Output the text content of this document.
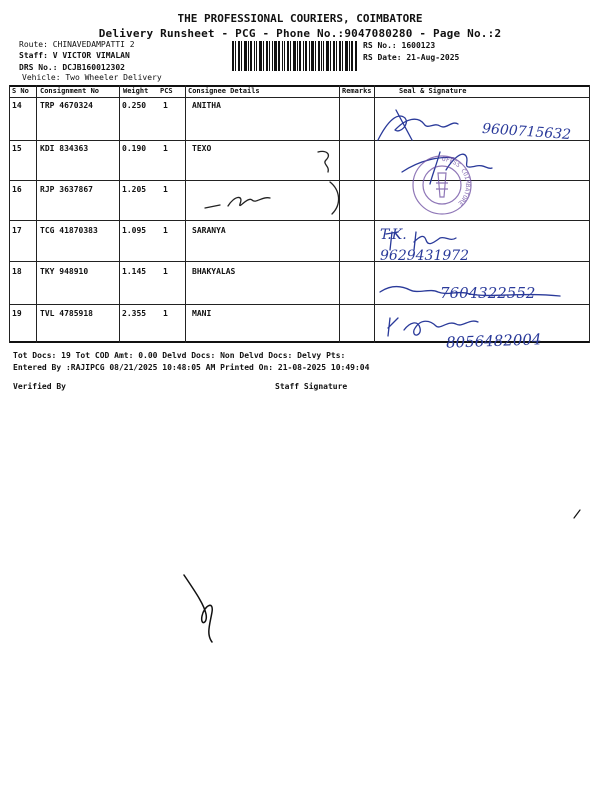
THE PROFESSIONAL COURIERS, COIMBATORE
Delivery Runsheet - PCG - Phone No.:9047080280 - Page No.:2
Route: CHINAVEDAMPATTI 2
Staff: V VICTOR VIMALAN
DRS No.: DCJB160012302
Vehicle: Two Wheeler Delivery
RS No.: 1600123
RS Date: 21-Aug-2025
S No Consignment No	Weight PCS Consignee Details	Remarks	Seal & Signature
14 TRP 4670324	0.250 1	ANITHA
15 KDI 834363	0.190 1	TEXO
16 RJP 3637867	1.205 1
17 TCG 41870383	1.095 1	SARANYA
18 TKY 948910	1.145 1	BHAKYALAS
19 TVL 4785918	2.355 1	MANI
9600715632
T.K.
9629431972
7604322552
8056482004
OFESS COIMBATORE
Tot Docs: 19 Tot COD Amt: 0.00 Delvd Docs: Non Delvd Docs: Delvy Pts:
Entered By :RAJIPCG 08/21/2025 10:48:05 AM Printed On: 21-08-2025 10:49:04
Verified By	Staff Signature
